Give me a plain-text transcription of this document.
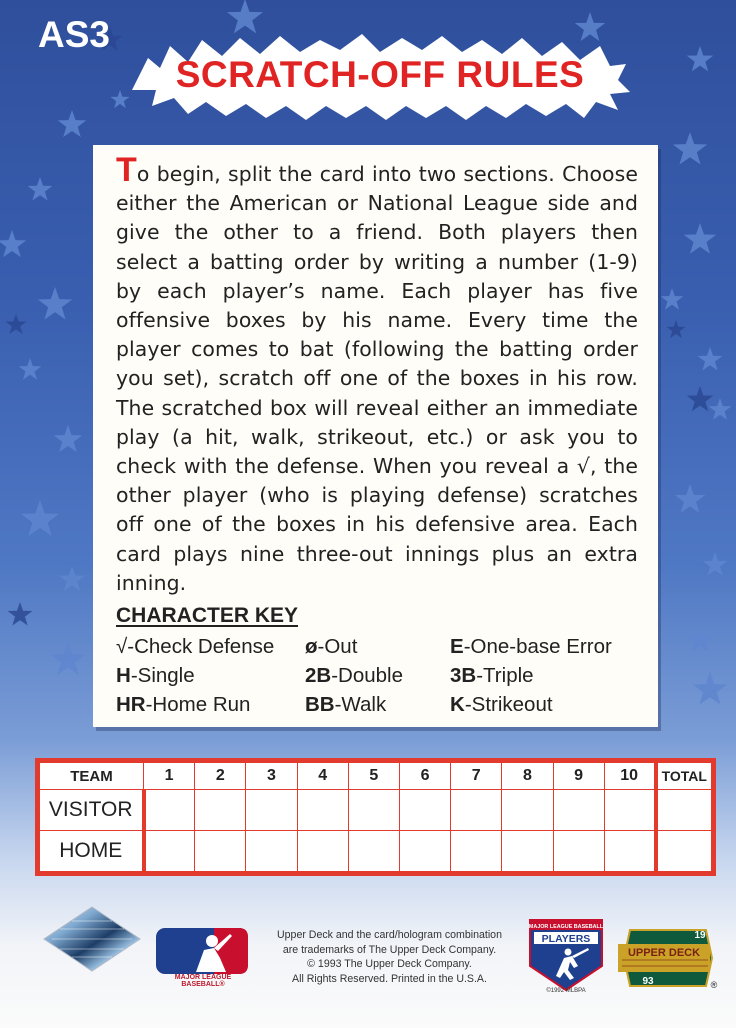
AS3
SCRATCH-OFF RULES

To begin, split the card into two sections. Choose either the American or National League side and give the other to a friend. Both players then select a batting order by writing a number (1-9) by each player’s name. Each player has five offensive boxes by his name. Every time the player comes to bat (following the batting order you set), scratch off one of the boxes in his row. The scratched box will reveal either an immediate play (a hit, walk, strikeout, etc.) or ask you to check with the defense. When you reveal a √, the other player (who is playing defense) scratches off one of the boxes in his defensive area. Each card plays nine three-out innings plus an extra inning.

CHARACTER KEY
√-Check Defense ø-Out	E-One-base Error
H-Single	2B-Double 3B-Triple
HR-Home Run	BB-Walk	K-Strikeout
TEAM	1	2	3	4	5	6	7	8	9	10	TOTAL
VISITOR											
HOME											
MAJOR LEAGUE BASEBALL®
Upper Deck and the card/hologram combination
are trademarks of The Upper Deck Company.
© 1993 The Upper Deck Company.
All Rights Reserved. Printed in the U.S.A.
MAJOR LEAGUE BASEBALL
PLAYERS
©1992 MLBPA
UPPER DECK
19
93	®
